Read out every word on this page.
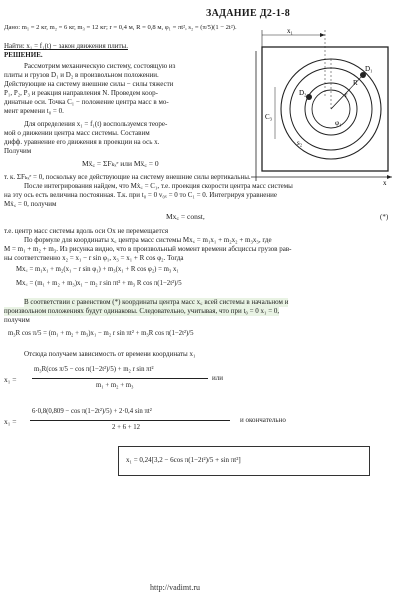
ЗАДАНИЕ Д2-1-8
Дано: m₁ = 2 кг, m₂ = 6 кг, m₃ = 12 кг; r = 0,4 м, R = 0,8 м, φ₁ = πt², s₂ = (π/5)(1 − 2t²).
Найти: x₁ = f₁(t) − закон движения плиты.
РЕШЕНИЕ.
Рассмотрим механическую систему, состоящую из
плиты и грузов D₁ и D₂ в произвольном положении.
Действующие на систему внешние силы − силы тяжести
P₁, P₂, P₃ и реакция направления N. Проведем коор-
динатные оси. Точка C₁ − положение центра масс в мо-
мент времени t₀ = 0.
Для определения x₁ = f₁(t) воспользуемся теоре-
мой о движении центра масс системы. Составим
дифф. уравнение его движения в проекции на ось x.
Получим
Mẍ꜀ = ΣFₖₓᵉ или Mẍ꜀ = 0
x₁
C₃
D₁
D₂	r
R
s₂
φ₁
x
т. к. ΣFₖₓᵉ = 0, поскольку все действующие на систему внешние силы вертикальны.
После интегрирования найдем, что Mẋ꜀ = C₁, т.е. проекция скорости центра масс системы
на эту ось есть величина постоянная. Т.к. при t₀ = 0 v₀ₓ = 0 то C₁ = 0. Интегрируя уравнение
Mẋ꜀ = 0, получим
Mx꜀ = const,	(*)
т.е. центр масс системы вдоль оси Ox не перемещается
По формуле для координаты x꜀ центра масс системы Mx꜀ = m₁x₁ + m₂x₂ + m₃x₃, где
M = m₁ + m₂ + m₃. Из рисунка видно, что в произвольный момент времени абсциссы грузов рав-
ны соответственно x₂ = x₁ − r sin φ₁, x₃ = x₁ + R cos φ₂. Тогда
Mx꜀ = m₁x₁ + m₂(x₁ − r sin φ₁) + m₃(x₁ + R cos φ₂) = m₃ x₁
Mx꜀ = (m₁ + m₂ + m₃)x₁ − m₂ r sin πt² + m₃ R cos π(1−2t²)/5
В соответствии с равенством (*) координаты центра масс x꜀ всей системы в начальном и
произвольном положениях будут одинаковы. Следовательно, учитывая, что при t₀ = 0 x₁ = 0,
получим
m₃R cos π/5 = (m₁ + m₂ + m₃)x₁ − m₂ r sin πt² + m₃R cos π(1−2t²)/5
Отсюда получаем зависимость от времени координаты x₁
x₁ =
m₃R(cos π/5 − cos π(1−2t²)/5) + m₂ r sin πt²
m₁ + m₂ + m₃
или
x₁ =
6·0,8(0,809 − cos π(1−2t²)/5) + 2·0,4 sin πt²
2 + 6 + 12
и окончательно
x₁ = 0,24[3,2 − 6cos π(1−2t²)/5 + sin πt²]
http://vadimt.ru
